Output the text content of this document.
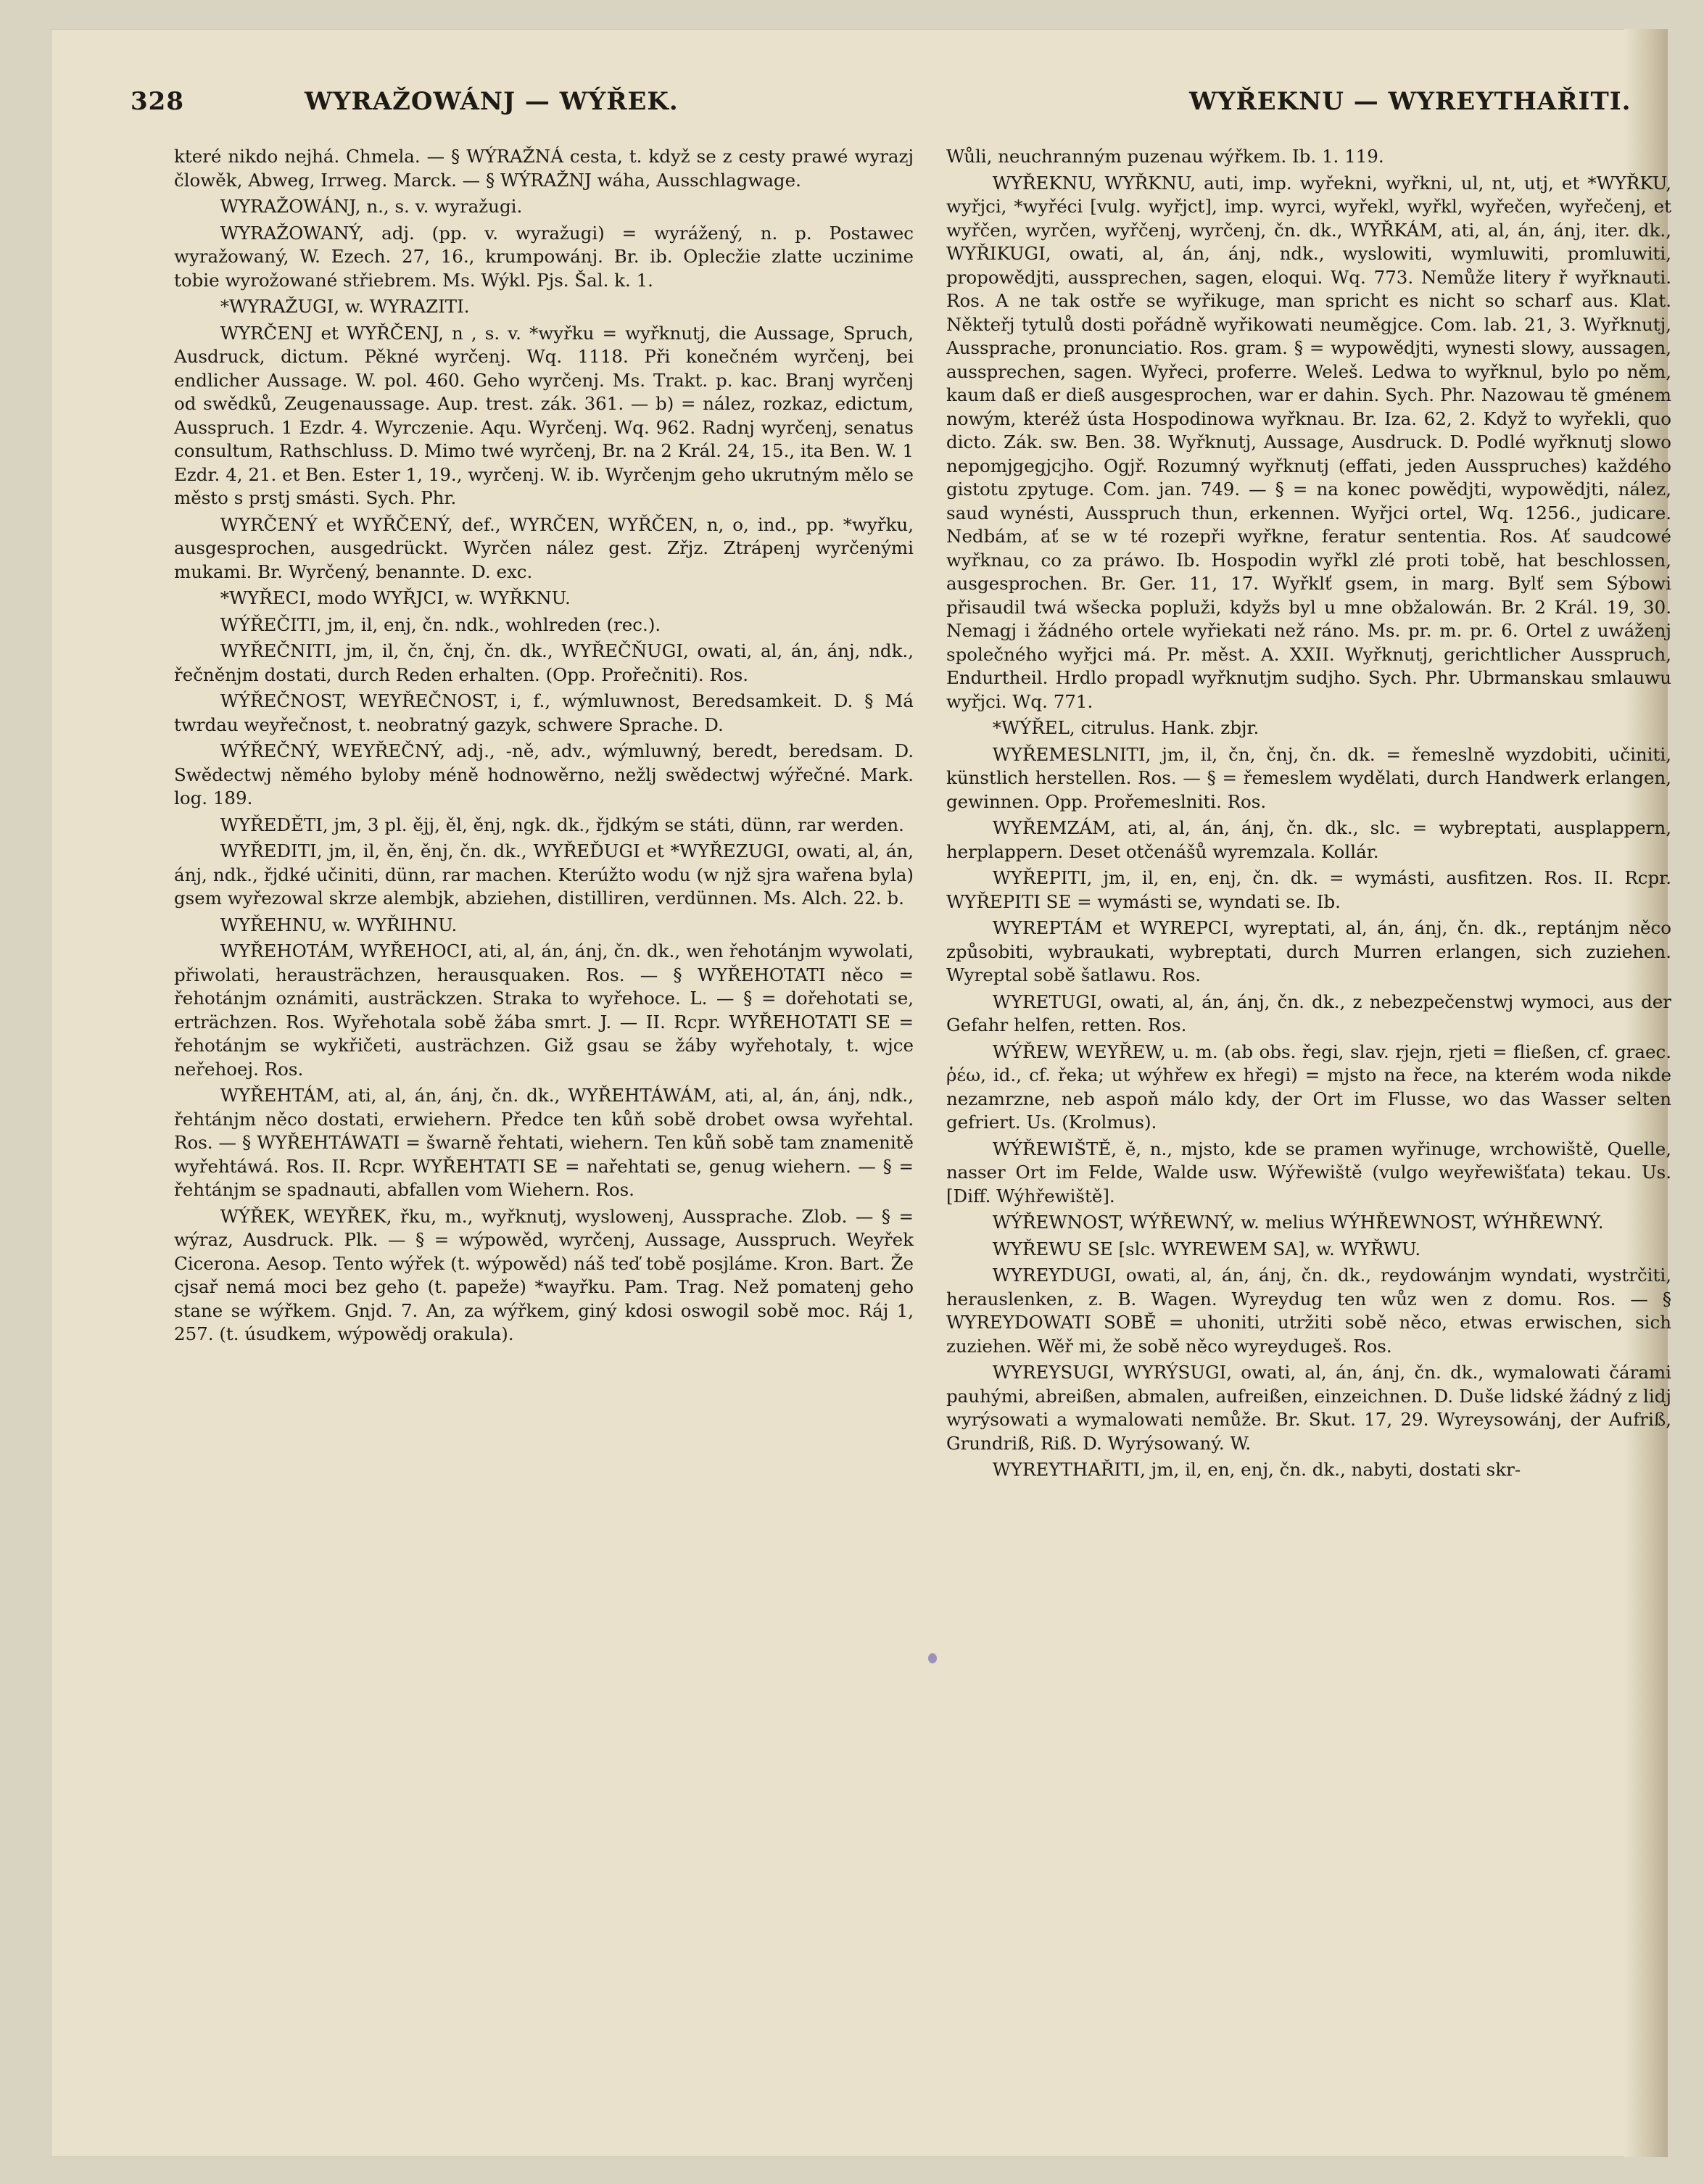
328	WYRAŽOWÁNJ — WÝŘEK.	WYŘEKNU — WYREYTHAŘITI.

které nikdo nejhá. Chmela. — § WÝRAŽNÁ cesta, t. když se z cesty prawé wyrazj člowěk, Abweg, Irrweg. Marck. — § WÝRAŽNJ wáha, Ausschlagwage.

WYRAŽOWÁNJ, n., s. v. wyražugi.

WYRAŽOWANÝ, adj. (pp. v. wyražugi) = wyrážený, n. p. Postawec wyražowaný, W. Ezech. 27, 16., krumpowánj. Br. ib. Oplecžie zlatte uczinime tobie wyrožowané střiebrem. Ms. Wýkl. Pjs. Šal. k. 1.

*WYRAŽUGI, w. WYRAZITI.

WYRČENJ et WYŘČENJ, n , s. v. *wyřku = wyřknutj, die Aussage, Spruch, Ausdruck, dictum. Pěkné wyrčenj. Wq. 1118. Při konečném wyrčenj, bei endlicher Aussage. W. pol. 460. Geho wyrčenj. Ms. Trakt. p. kac. Branj wyrčenj od swědků, Zeugenaussage. Aup. trest. zák. 361. — b) = nález, rozkaz, edictum, Ausspruch. 1 Ezdr. 4. Wyrczenie. Aqu. Wyrčenj. Wq. 962. Radnj wyrčenj, senatus consultum, Rathschluss. D. Mimo twé wyrčenj, Br. na 2 Král. 24, 15., ita Ben. W. 1 Ezdr. 4, 21. et Ben. Ester 1, 19., wyrčenj. W. ib. Wyrčenjm geho ukrutným mělo se město s prstj smásti. Sych. Phr.

WYRČENÝ et WYŘČENÝ, def., WYRČEN, WYŘČEN, n, o, ind., pp. *wyřku, ausgesprochen, ausgedrückt. Wyrčen nález gest. Zřjz. Ztrápenj wyrčenými mukami. Br. Wyrčený, benannte. D. exc.

*WYŘECI, modo WYŘJCI, w. WYŘKNU.

WÝŘEČITI, jm, il, enj, čn. ndk., wohlreden (rec.).

WYŘEČNITI, jm, il, čn, čnj, čn. dk., WYŘEČŇUGI, owati, al, án, ánj, ndk., řečněnjm dostati, durch Reden erhalten. (Opp. Prořečniti). Ros.

WÝŘEČNOST, WEYŘEČNOST, i, f., wýmluwnost, Beredsamkeit. D. § Má twrdau weyřečnost, t. neobratný gazyk, schwere Sprache. D.

WÝŘEČNÝ, WEYŘEČNÝ, adj., -ně, adv., wýmluwný, beredt, beredsam. D. Swědectwj němého byloby méně hodnowěrno, nežlj swědectwj wýřečné. Mark. log. 189.

WYŘEDĚTI, jm, 3 pl. ějj, ěl, ěnj, ngk. dk., řjdkým se státi, dünn, rar werden.

WYŘEDITI, jm, il, ěn, ěnj, čn. dk., WYŘEĎUGI et *WYŘEZUGI, owati, al, án, ánj, ndk., řjdké učiniti, dünn, rar machen. Kterúžto wodu (w njž sjra wařena byla) gsem wyřezowal skrze alembjk, abziehen, distilliren, verdünnen. Ms. Alch. 22. b.

WYŘEHNU, w. WYŘIHNU.

WYŘEHOTÁM, WYŘEHOCI, ati, al, án, ánj, čn. dk., wen řehotánjm wywolati, přiwolati, herausträchzen, herausquaken. Ros. — § WYŘEHOTATI něco = řehotánjm oznámiti, austräckzen. Straka to wyřehoce. L. — § = dořehotati se, erträchzen. Ros. Wyřehotala sobě žába smrt. J. — II. Rcpr. WYŘEHOTATI SE = řehotánjm se wykřičeti, austrächzen. Giž gsau se žáby wyřehotaly, t. wjce neřehoej. Ros.

WYŘEHTÁM, ati, al, án, ánj, čn. dk., WYŘEHTÁWÁM, ati, al, án, ánj, ndk., řehtánjm něco dostati, erwiehern. Předce ten kůň sobě drobet owsa wyřehtal. Ros. — § WYŘEHTÁWATI = šwarně řehtati, wiehern. Ten kůň sobě tam znamenitě wyřehtáwá. Ros. II. Rcpr. WYŘEHTATI SE = nařehtati se, genug wiehern. — § = řehtánjm se spadnauti, abfallen vom Wiehern. Ros.

WÝŘEK, WEYŘEK, řku, m., wyřknutj, wyslowenj, Aussprache. Zlob. — § = wýraz, Ausdruck. Plk. — § = wýpowěd, wyrčenj, Aussage, Ausspruch. Weyřek Cicerona. Aesop. Tento wýřek (t. wýpowěd) náš teď tobě posjláme. Kron. Bart. Že cjsař nemá moci bez geho (t. papeže) *wayřku. Pam. Trag. Než pomatenj geho stane se wýřkem. Gnjd. 7. An, za wýřkem, giný kdosi oswogil sobě moc. Ráj 1, 257. (t. úsudkem, wýpowědj orakula).

Wůli, neuchranným puzenau wýřkem. Ib. 1. 119.

WYŘEKNU, WYŘKNU, auti, imp. wyřekni, wyřkni, ul, nt, utj, et *WYŘKU, wyřjci, *wyřéci [vulg. wyřjct], imp. wyrci, wyřekl, wyřkl, wyřečen, wyřečenj, et wyřčen, wyrčen, wyřčenj, wyrčenj, čn. dk., WYŘKÁM, ati, al, án, ánj, iter. dk., WYŘIKUGI, owati, al, án, ánj, ndk., wyslowiti, wymluwiti, promluwiti, propowědjti, aussprechen, sagen, eloqui. Wq. 773. Nemůže litery ř wyřknauti. Ros. A ne tak ostře se wyřikuge, man spricht es nicht so scharf aus. Klat. Někteřj tytulů dosti pořádně wyřikowati neuměgjce. Com. lab. 21, 3. Wyřknutj, Aussprache, pronunciatio. Ros. gram. § = wypowědjti, wynesti slowy, aussagen, aussprechen, sagen. Wyřeci, proferre. Weleš. Ledwa to wyřknul, bylo po něm, kaum daß er dieß ausgesprochen, war er dahin. Sych. Phr. Nazowau tě gménem nowým, kteréž ústa Hospodinowa wyřknau. Br. Iza. 62, 2. Když to wyřekli, quo dicto. Zák. sw. Ben. 38. Wyřknutj, Aussage, Ausdruck. D. Podlé wyřknutj slowo nepomjgegjcjho. Ogjř. Rozumný wyřknutj (effati, jeden Ausspruches) každého gistotu zpytuge. Com. jan. 749. — § = na konec powědjti, wypowědjti, nález, saud wynésti, Ausspruch thun, erkennen. Wyřjci ortel, Wq. 1256., judicare. Nedbám, ať se w té rozepři wyřkne, feratur sententia. Ros. Ať saudcowé wyřknau, co za práwo. Ib. Hospodin wyřkl zlé proti tobě, hat beschlossen, ausgesprochen. Br. Ger. 11, 17. Wyřklť gsem, in marg. Bylť sem Sýbowi přisaudil twá wšecka popluži, kdyžs byl u mne obžalowán. Br. 2 Král. 19, 30. Nemagj i žádného ortele wyřiekati než ráno. Ms. pr. m. pr. 6. Ortel z uwáženj společného wyřjci má. Pr. měst. A. XXII. Wyřknutj, gerichtlicher Ausspruch, Endurtheil. Hrdlo propadl wyřknutjm sudjho. Sych. Phr. Ubrmanskau smlauwu wyřjci. Wq. 771.

*WÝŘEL, citrulus. Hank. zbjr.

WYŘEMESLNITI, jm, il, čn, čnj, čn. dk. = řemeslně wyzdobiti, učiniti, künstlich herstellen. Ros. — § = řemeslem wydělati, durch Handwerk erlangen, gewinnen. Opp. Prořemeslniti. Ros.

WYŘEMZÁM, ati, al, án, ánj, čn. dk., slc. = wybreptati, ausplappern, herplappern. Deset otčenášů wyremzala. Kollár.

WYŘEPITI, jm, il, en, enj, čn. dk. = wymásti, ausfitzen. Ros. II. Rcpr. WYŘEPITI SE = wymásti se, wyndati se. Ib.

WYREPTÁM et WYREPCI, wyreptati, al, án, ánj, čn. dk., reptánjm něco způsobiti, wybraukati, wybreptati, durch Murren erlangen, sich zuziehen. Wyreptal sobě šatlawu. Ros.

WYRETUGI, owati, al, án, ánj, čn. dk., z nebezpečenstwj wymoci, aus der Gefahr helfen, retten. Ros.

WÝŘEW, WEYŘEW, u. m. (ab obs. řegi, slav. rjejn, rjeti = fließen, cf. graec. ῥέω, id., cf. řeka; ut wýhřew ex hřegi) = mjsto na řece, na kterém woda nikde nezamrzne, neb aspoň málo kdy, der Ort im Flusse, wo das Wasser selten gefriert. Us. (Krolmus).

WÝŘEWIŠTĚ, ě, n., mjsto, kde se pramen wyřinuge, wrchowiště, Quelle, nasser Ort im Felde, Walde usw. Wýřewiště (vulgo weyřewišťata) tekau. Us. [Diff. Wýhřewiště].

WÝŘEWNOST, WÝŘEWNÝ, w. melius WÝHŘEWNOST, WÝHŘEWNÝ.

WYŘEWU SE [slc. WYREWEM SA], w. WYŘWU.

WYREYDUGI, owati, al, án, ánj, čn. dk., reydowánjm wyndati, wystrčiti, herauslenken, z. B. Wagen. Wyreydug ten wůz wen z domu. Ros. — § WYREYDOWATI SOBĚ = uhoniti, utržiti sobě něco, etwas erwischen, sich zuziehen. Wěř mi, že sobě něco wyreydugeš. Ros.

WYREYSUGI, WYRÝSUGI, owati, al, án, ánj, čn. dk., wymalowati čárami pauhými, abreißen, abmalen, aufreißen, einzeichnen. D. Duše lidské žádný z lidj wyrýsowati a wymalowati nemůže. Br. Skut. 17, 29. Wyreysowánj, der Aufriß, Grundriß, Riß. D. Wyrýsowaný. W.

WYREYTHAŘITI, jm, il, en, enj, čn. dk., nabyti, dostati skr-
